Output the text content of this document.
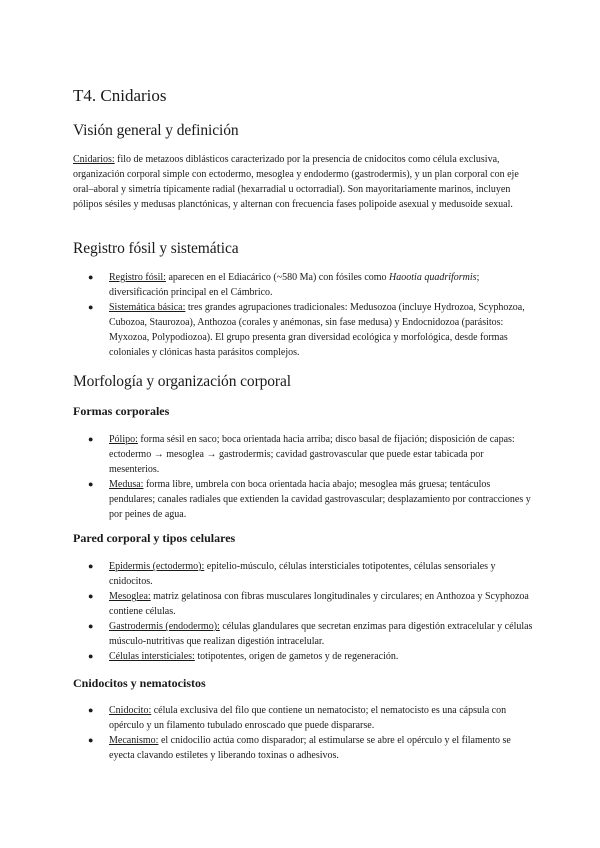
T4. Cnidarios
Visión general y definición

Cnidarios: filo de metazoos diblásticos caracterizado por la presencia de cnidocitos como célula exclusiva, organización corporal simple con ectodermo, mesoglea y endodermo (gastrodermis), y un plan corporal con eje oral–aboral y simetría típicamente radial (hexarradial u octorradial). Son mayoritariamente marinos, incluyen pólipos sésiles y medusas planctónicas, y alternan con frecuencia fases polipoide asexual y medusoide sexual.

Registro fósil y sistemática
● Registro fósil: aparecen en el Ediacárico (~580 Ma) con fósiles como Haootia quadriformis; diversificación principal en el Cámbrico.
● Sistemática básica: tres grandes agrupaciones tradicionales: Medusozoa (incluye Hydrozoa, Scyphozoa, Cubozoa, Staurozoa), Anthozoa (corales y anémonas, sin fase medusa) y Endocnidozoa (parásitos: Myxozoa, Polypodiozoa). El grupo presenta gran diversidad ecológica y morfológica, desde formas coloniales y clónicas hasta parásitos complejos.
Morfología y organización corporal
Formas corporales
● Pólipo: forma sésil en saco; boca orientada hacia arriba; disco basal de fijación; disposición de capas: ectodermo → mesoglea → gastrodermis; cavidad gastrovascular que puede estar tabicada por mesenterios.
● Medusa: forma libre, umbrela con boca orientada hacia abajo; mesoglea más gruesa; tentáculos pendulares; canales radiales que extienden la cavidad gastrovascular; desplazamiento por contracciones y por peines de agua.
Pared corporal y tipos celulares
● Epidermis (ectodermo): epitelio-músculo, células intersticiales totipotentes, células sensoriales y cnidocitos.
● Mesoglea: matriz gelatinosa con fibras musculares longitudinales y circulares; en Anthozoa y Scyphozoa contiene células.
● Gastrodermis (endodermo): células glandulares que secretan enzimas para digestión extracelular y células músculo-nutritivas que realizan digestión intracelular.
● Células intersticiales: totipotentes, origen de gametos y de regeneración.
Cnidocitos y nematocistos
● Cnidocito: célula exclusiva del filo que contiene un nematocisto; el nematocisto es una cápsula con opérculo y un filamento tubulado enroscado que puede dispararse.
● Mecanismo: el cnidocilio actúa como disparador; al estimularse se abre el opérculo y el filamento se eyecta clavando estiletes y liberando toxinas o adhesivos.
